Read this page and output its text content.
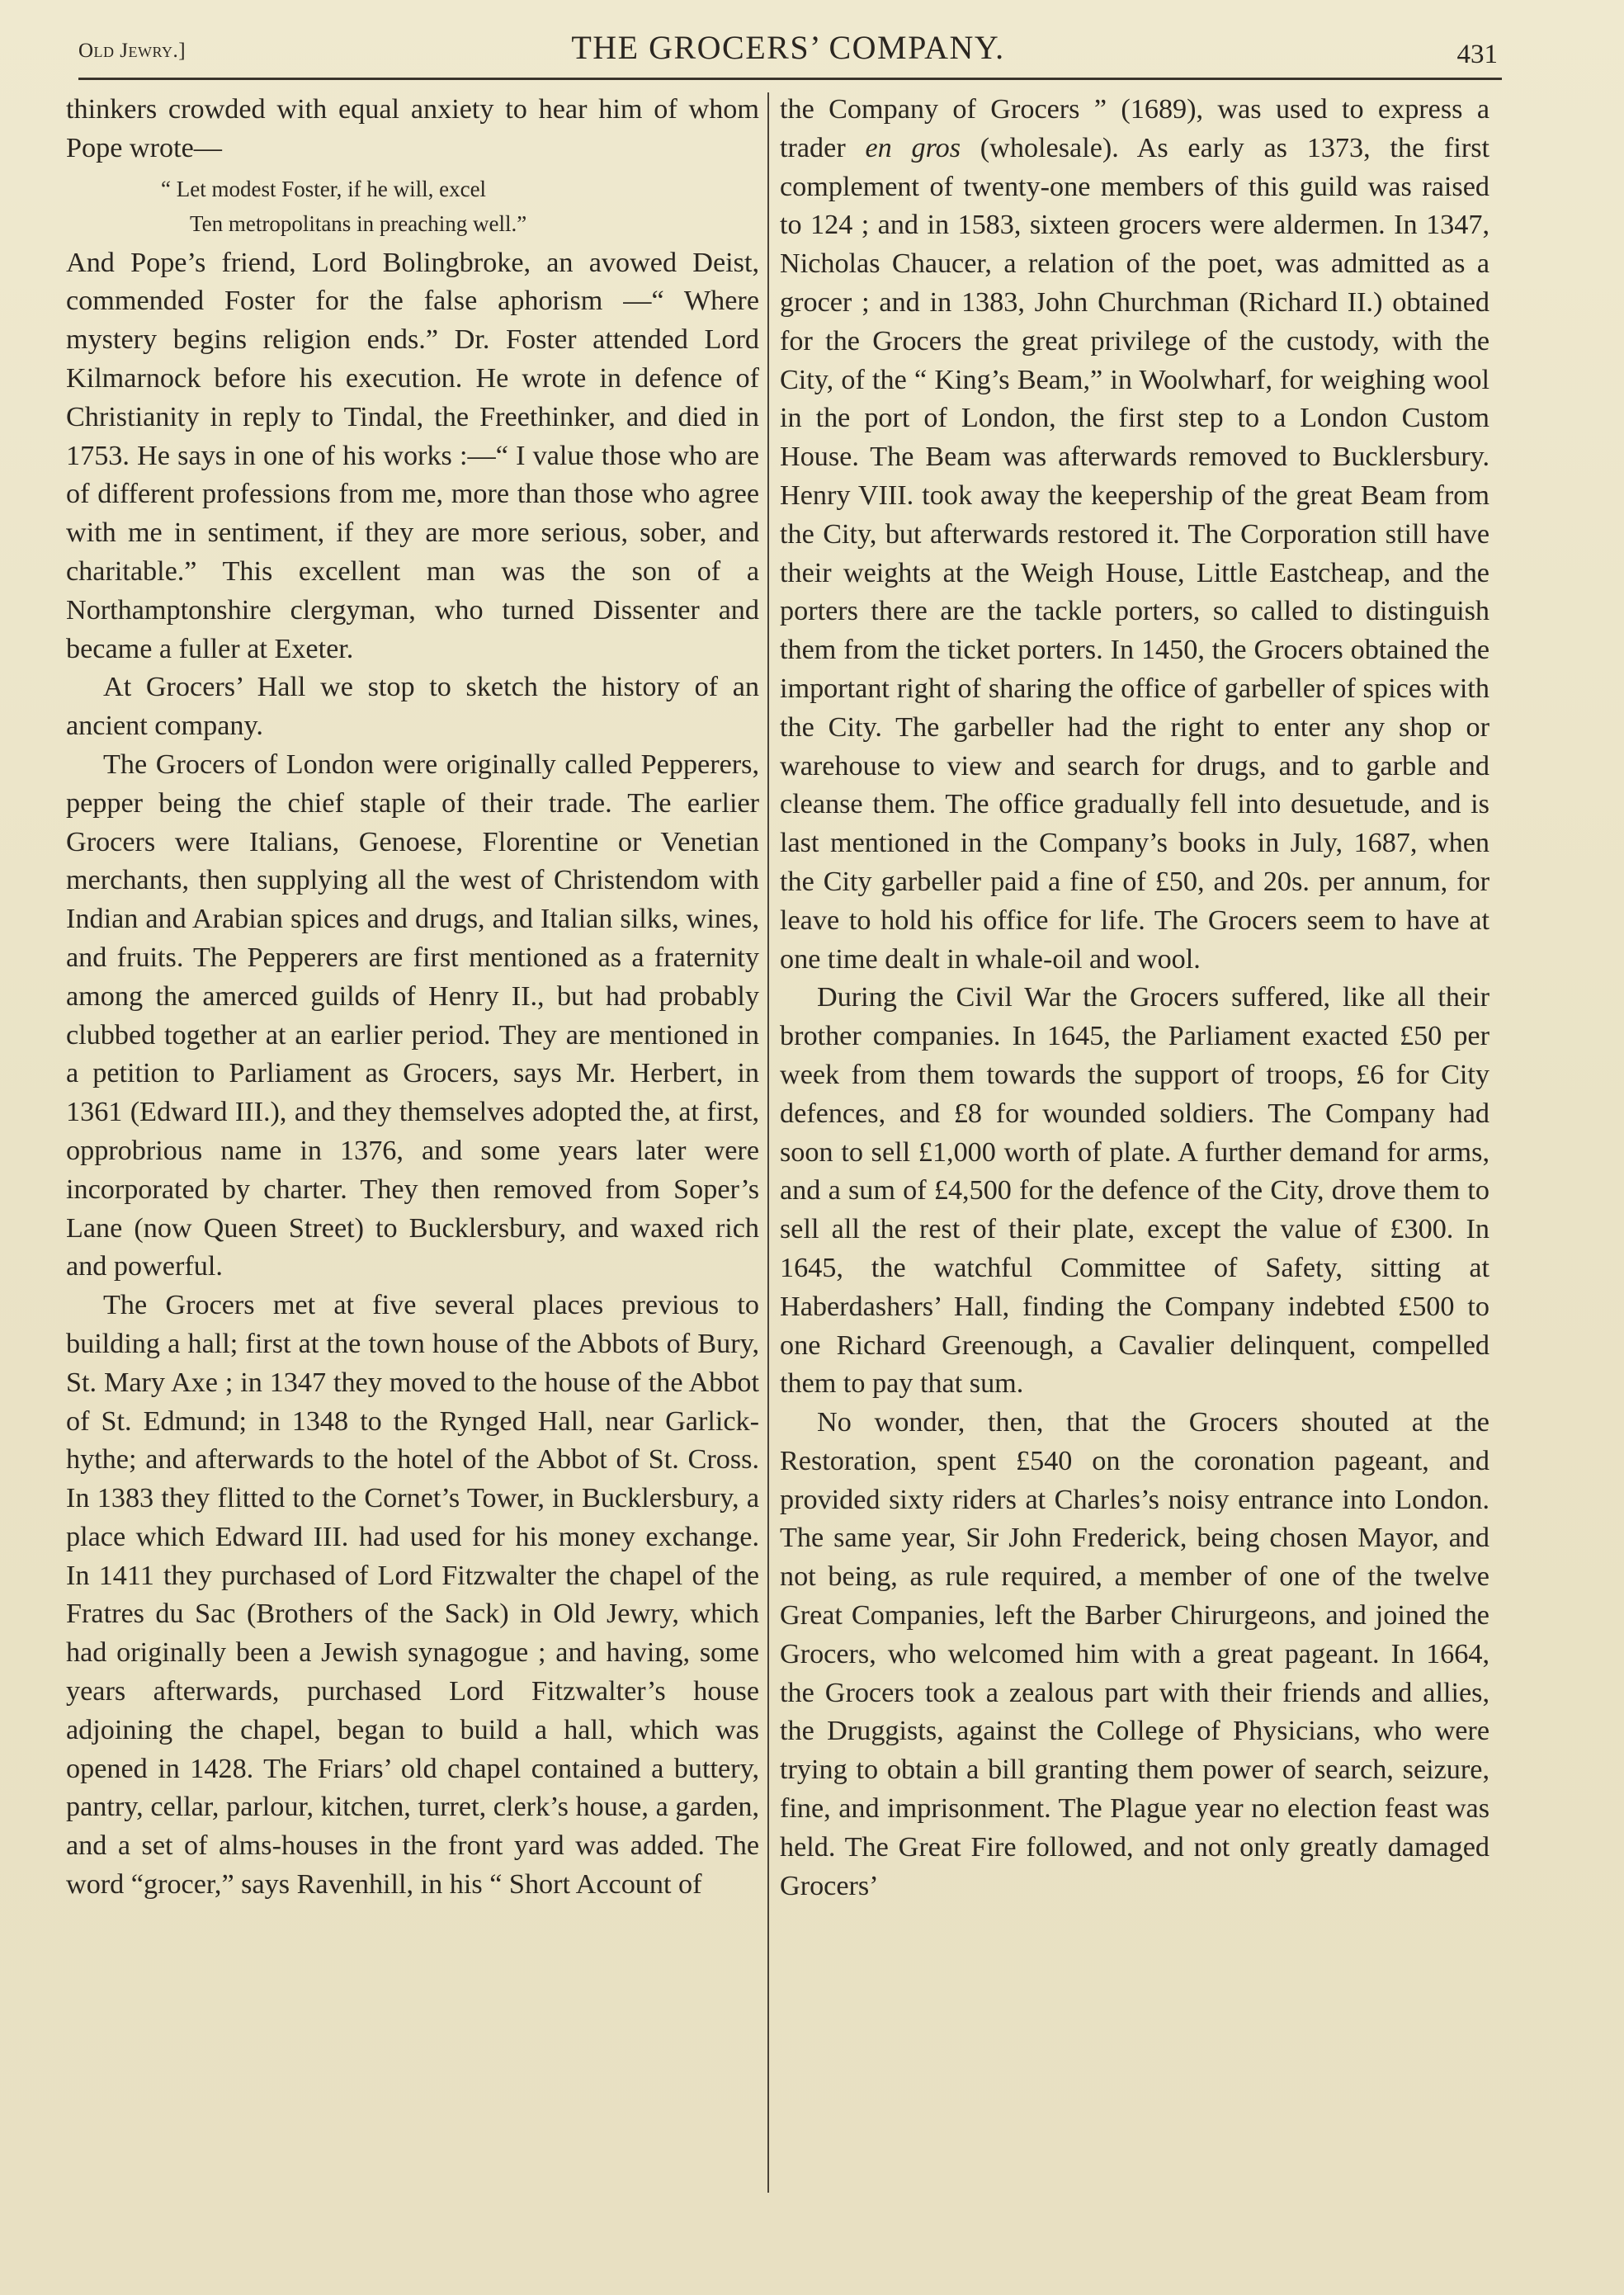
Old Jewry.]	THE GROCERS’ COMPANY.	431

thinkers crowded with equal anxiety to hear him of whom Pope wrote—

“ Let modest Foster, if he will, excel
Ten metropolitans in preaching well.”

And Pope’s friend, Lord Bolingbroke, an avowed Deist, commended Foster for the false aphorism —“ Where mystery begins religion ends.” Dr. Foster attended Lord Kilmarnock before his execution. He wrote in defence of Christianity in reply to Tindal, the Freethinker, and died in 1753. He says in one of his works :—“ I value those who are of different professions from me, more than those who agree with me in sentiment, if they are more serious, sober, and charitable.” This excellent man was the son of a Northamptonshire clergyman, who turned Dissenter and became a fuller at Exeter.

At Grocers’ Hall we stop to sketch the history of an ancient company.

The Grocers of London were originally called Pepperers, pepper being the chief staple of their trade. The earlier Grocers were Italians, Genoese, Florentine or Venetian merchants, then supplying all the west of Christendom with Indian and Arabian spices and drugs, and Italian silks, wines, and fruits. The Pepperers are first mentioned as a fraternity among the amerced guilds of Henry II., but had probably clubbed together at an earlier period. They are mentioned in a petition to Parliament as Grocers, says Mr. Herbert, in 1361 (Edward III.), and they themselves adopted the, at first, opprobrious name in 1376, and some years later were incorporated by charter. They then removed from Soper’s Lane (now Queen Street) to Bucklersbury, and waxed rich and powerful.

The Grocers met at five several places previous to building a hall; first at the town house of the Abbots of Bury, St. Mary Axe ; in 1347 they moved to the house of the Abbot of St. Edmund; in 1348 to the Rynged Hall, near Garlick-hythe; and afterwards to the hotel of the Abbot of St. Cross. In 1383 they flitted to the Cornet’s Tower, in Bucklersbury, a place which Edward III. had used for his money exchange. In 1411 they purchased of Lord Fitzwalter the chapel of the Fratres du Sac (Brothers of the Sack) in Old Jewry, which had originally been a Jewish synagogue ; and having, some years afterwards, purchased Lord Fitzwalter’s house adjoining the chapel, began to build a hall, which was opened in 1428. The Friars’ old chapel contained a buttery, pantry, cellar, parlour, kitchen, turret, clerk’s house, a garden, and a set of alms-houses in the front yard was added. The word “grocer,” says Ravenhill, in his “ Short Account of

the Company of Grocers ” (1689), was used to express a trader en gros (wholesale). As early as 1373, the first complement of twenty-one members of this guild was raised to 124 ; and in 1583, sixteen grocers were aldermen. In 1347, Nicholas Chaucer, a relation of the poet, was admitted as a grocer ; and in 1383, John Churchman (Richard II.) obtained for the Grocers the great privilege of the custody, with the City, of the “ King’s Beam,” in Woolwharf, for weighing wool in the port of London, the first step to a London Custom House. The Beam was afterwards removed to Bucklersbury. Henry VIII. took away the keepership of the great Beam from the City, but afterwards restored it. The Corporation still have their weights at the Weigh House, Little Eastcheap, and the porters there are the tackle porters, so called to distinguish them from the ticket porters. In 1450, the Grocers obtained the important right of sharing the office of garbeller of spices with the City. The garbeller had the right to enter any shop or warehouse to view and search for drugs, and to garble and cleanse them. The office gradually fell into desuetude, and is last mentioned in the Company’s books in July, 1687, when the City garbeller paid a fine of £50, and 20s. per annum, for leave to hold his office for life. The Grocers seem to have at one time dealt in whale-oil and wool.

During the Civil War the Grocers suffered, like all their brother companies. In 1645, the Parliament exacted £50 per week from them towards the support of troops, £6 for City defences, and £8 for wounded soldiers. The Company had soon to sell £1,000 worth of plate. A further demand for arms, and a sum of £4,500 for the defence of the City, drove them to sell all the rest of their plate, except the value of £300. In 1645, the watchful Committee of Safety, sitting at Haberdashers’ Hall, finding the Company indebted £500 to one Richard Greenough, a Cavalier delinquent, compelled them to pay that sum.

No wonder, then, that the Grocers shouted at the Restoration, spent £540 on the coronation pageant, and provided sixty riders at Charles’s noisy entrance into London. The same year, Sir John Frederick, being chosen Mayor, and not being, as rule required, a member of one of the twelve Great Companies, left the Barber Chirurgeons, and joined the Grocers, who welcomed him with a great pageant. In 1664, the Grocers took a zealous part with their friends and allies, the Druggists, against the College of Physicians, who were trying to obtain a bill granting them power of search, seizure, fine, and imprisonment. The Plague year no election feast was held. The Great Fire followed, and not only greatly damaged Grocers’
